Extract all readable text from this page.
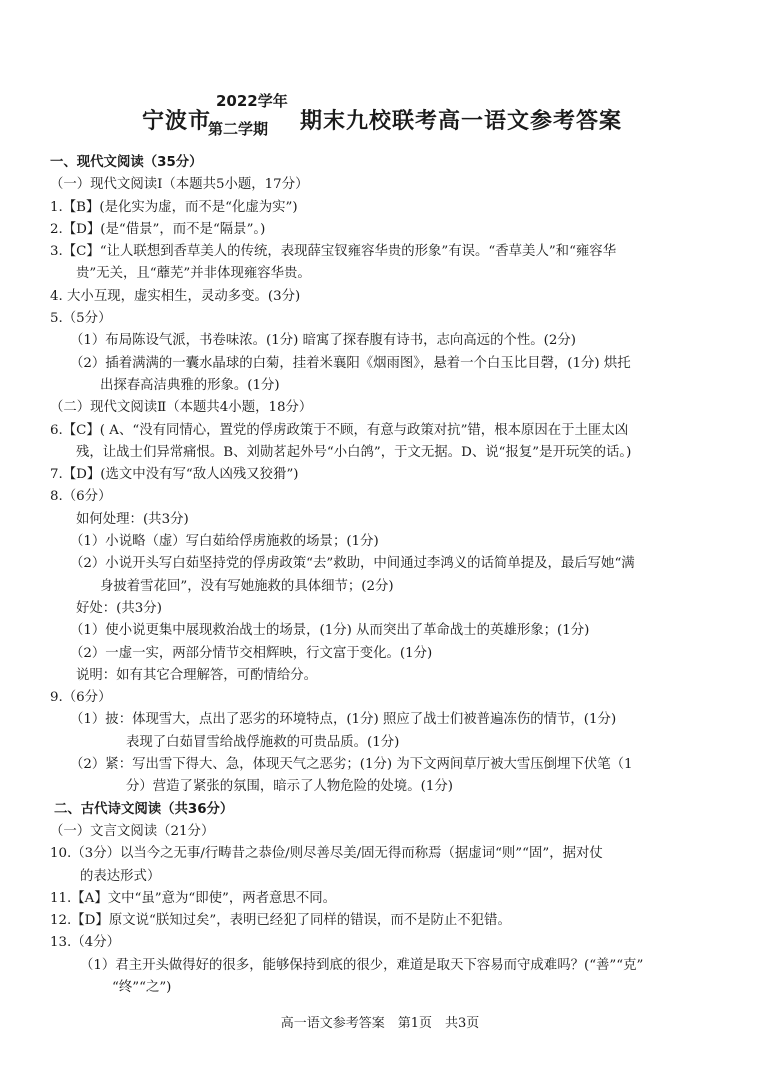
宁波市
2022学年
第二学期 期末九校联考高一语文参考答案
一、现代文阅读（35分）
（一）现代文阅读Ⅰ（本题共5小题，17分）
1.【B】(是化实为虚，而不是“化虚为实”)
2.【D】(是“借景”，而不是“隔景”。)
3.【C】“让人联想到香草美人的传统，表现薛宝钗雍容华贵的形象”有误。“香草美人”和“雍容华
贵”无关，且“蘼芜”并非体现雍容华贵。
4. 大小互现，虚实相生，灵动多变。(3分)
5.（5分）
（1）布局陈设气派，书卷味浓。(1分) 暗寓了探春腹有诗书，志向高远的个性。(2分)
（2）插着满满的一囊水晶球的白菊，挂着米襄阳《烟雨图》，悬着一个白玉比目磬，(1分) 烘托
出探春高洁典雅的形象。(1分)
（二）现代文阅读Ⅱ（本题共4小题，18分）
6.【C】( A、“没有同情心，置党的俘虏政策于不顾，有意与政策对抗”错，根本原因在于土匪太凶
残，让战士们异常痛恨。B、刘勋茗起外号“小白鸽”，于文无据。D、说“报复”是开玩笑的话。)
7.【D】(选文中没有写“敌人凶残又狡猾”)
8.（6分）
如何处理：(共3分)
（1）小说略（虚）写白茹给俘虏施救的场景；(1分)
（2）小说开头写白茹坚持党的俘虏政策“去”救助，中间通过李鸿义的话简单提及，最后写她“满
身披着雪花回”，没有写她施救的具体细节；(2分)
好处：(共3分)
（1）使小说更集中展现救治战士的场景，(1分) 从而突出了革命战士的英雄形象；(1分)
（2）一虚一实，两部分情节交相辉映，行文富于变化。(1分)
说明：如有其它合理解答，可酌情给分。
9.（6分）
（1）披：体现雪大，点出了恶劣的环境特点，(1分) 照应了战士们被普遍冻伤的情节，(1分)
表现了白茹冒雪给战俘施救的可贵品质。(1分)
（2）紧：写出雪下得大、急，体现天气之恶劣；(1分) 为下文两间草厅被大雪压倒埋下伏笔（1
分）营造了紧张的氛围，暗示了人物危险的处境。(1分)
二、古代诗文阅读（共36分）
（一）文言文阅读（21分）
10.（3分）以当今之无事/行畴昔之恭俭/则尽善尽美/固无得而称焉（据虚词“则”“固”，据对仗
的表达形式）
11.【A】文中“虽”意为“即使”，两者意思不同。
12.【D】原文说“朕知过矣”，表明已经犯了同样的错误，而不是防止不犯错。
13.（4分）
（1）君主开头做得好的很多，能够保持到底的很少，难道是取天下容易而守成难吗？(“善”“克”
“终”“之”)
高一语文参考答案　第1页　共3页
